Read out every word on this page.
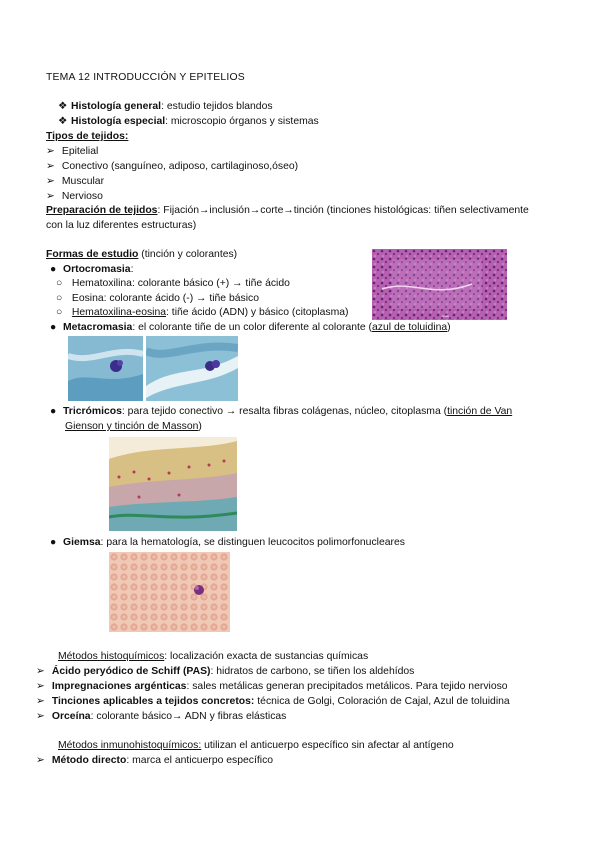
TEMA 12 INTRODUCCIÓN Y EPITELIOS
❖ Histología general: estudio tejidos blandos
❖ Histología especial: microscopio órganos y sistemas
Tipos de tejidos:
➢ Epitelial
➢ Conectivo (sanguíneo, adiposo, cartilaginoso,óseo)
➢ Muscular
➢ Nervioso
Preparación de tejidos: Fijación→inclusión→corte→tinción (tinciones histológicas: tiñen selectivamente
con la luz diferentes estructuras)
Formas de estudio (tinción y colorantes)
● Ortocromasia:
○ Hematoxilina: colorante básico (+) → tiñe ácido
○ Eosina: colorante ácido (-) → tiñe básico
○ Hematoxilina-eosina: tiñe ácido (ADN) y básico (citoplasma)	scale
● Metacromasia: el colorante tiñe de un color diferente al colorante (azul de toluidina)
● Tricrómicos: para tejido conectivo → resalta fibras colágenas, núcleo, citoplasma (tinción de Van
Gienson y tinción de Masson)
● Giemsa: para la hematología, se distinguen leucocitos polimorfonucleares
Métodos histoquímicos: localización exacta de sustancias químicas
➢ Ácido peryódico de Schiff (PAS): hidratos de carbono, se tiñen los aldehídos
➢ Impregnaciones argénticas: sales metálicas generan precipitados metálicos. Para tejido nervioso
➢ Tinciones aplicables a tejidos concretos: técnica de Golgi, Coloración de Cajal, Azul de toluidina
➢ Orceína: colorante básico→ ADN y fibras elásticas
Métodos inmunohistoquímicos: utilizan el anticuerpo específico sin afectar al antígeno
➢ Método directo: marca el anticuerpo específico
